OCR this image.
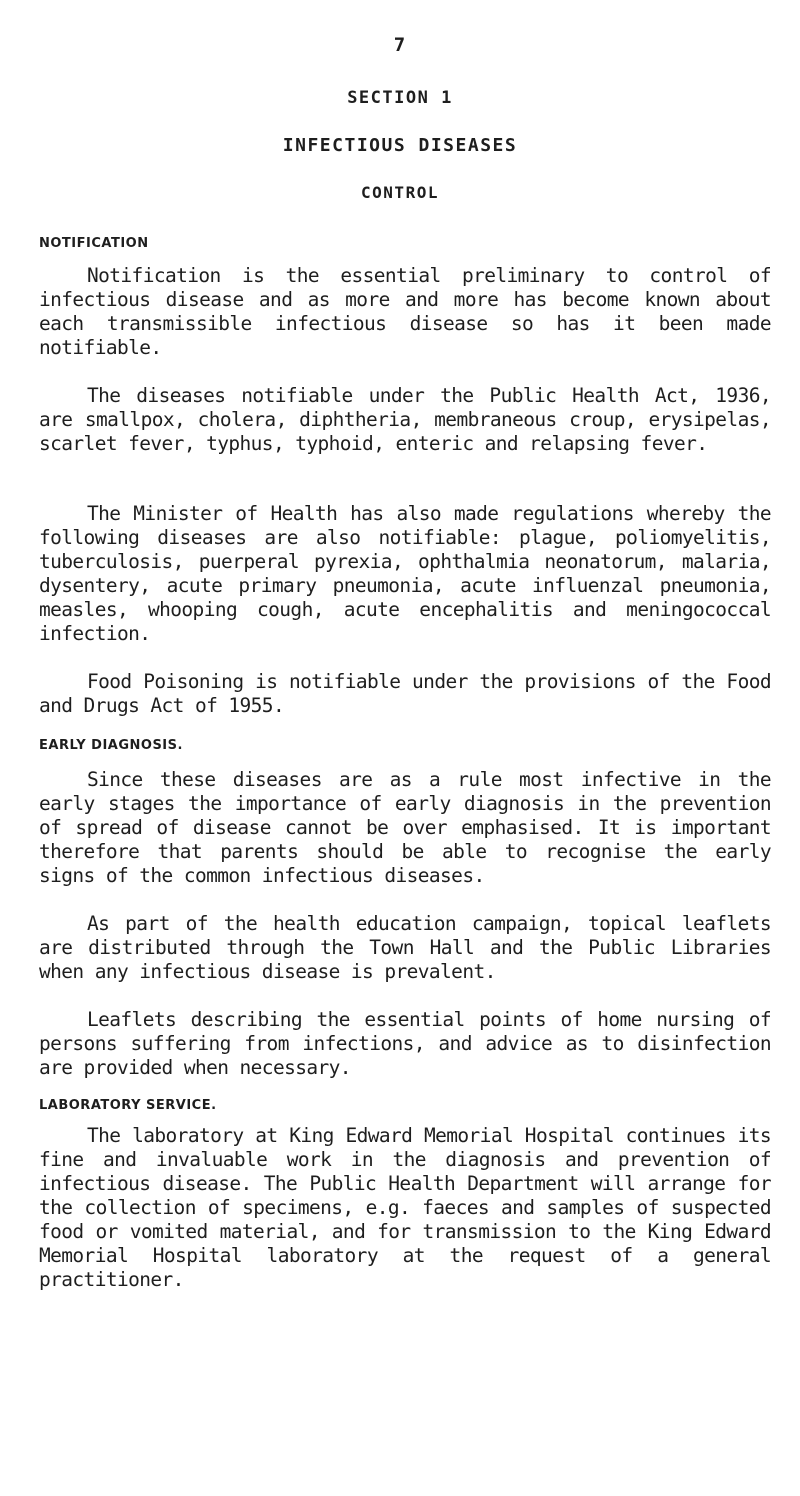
7
SECTION 1
INFECTIOUS DISEASES
CONTROL
NOTIFICATION

Notification is the essential preliminary to control of infectious disease and as more and more has become known about each transmissible infectious disease so has it been made notifiable.

The diseases notifiable under the Public Health Act, 1936, are smallpox, cholera, diphtheria, membraneous croup, erysipelas, scarlet fever, typhus, typhoid, enteric and relapsing fever.

The Minister of Health has also made regulations whereby the following diseases are also notifiable: plague, poliomyelitis, tuberculosis, puerperal pyrexia, ophthalmia neonatorum, malaria, dysentery, acute primary pneumonia, acute influenzal pneumonia, measles, whooping cough, acute encephalitis and meningococcal infection.

Food Poisoning is notifiable under the provisions of the Food and Drugs Act of 1955.

EARLY DIAGNOSIS.

Since these diseases are as a rule most infective in the early stages the importance of early diagnosis in the prevention of spread of disease cannot be over emphasised. It is important therefore that parents should be able to recognise the early signs of the common infectious diseases.

As part of the health education campaign, topical leaflets are distributed through the Town Hall and the Public Libraries when any infectious disease is prevalent.

Leaflets describing the essential points of home nursing of persons suffering from infections, and advice as to disinfection are provided when necessary.

LABORATORY SERVICE.

The laboratory at King Edward Memorial Hospital continues its fine and invaluable work in the diagnosis and prevention of infectious disease. The Public Health Department will arrange for the collection of specimens, e.g. faeces and samples of suspected food or vomited material, and for transmission to the King Edward Memorial Hospital laboratory at the request of a general practitioner.
